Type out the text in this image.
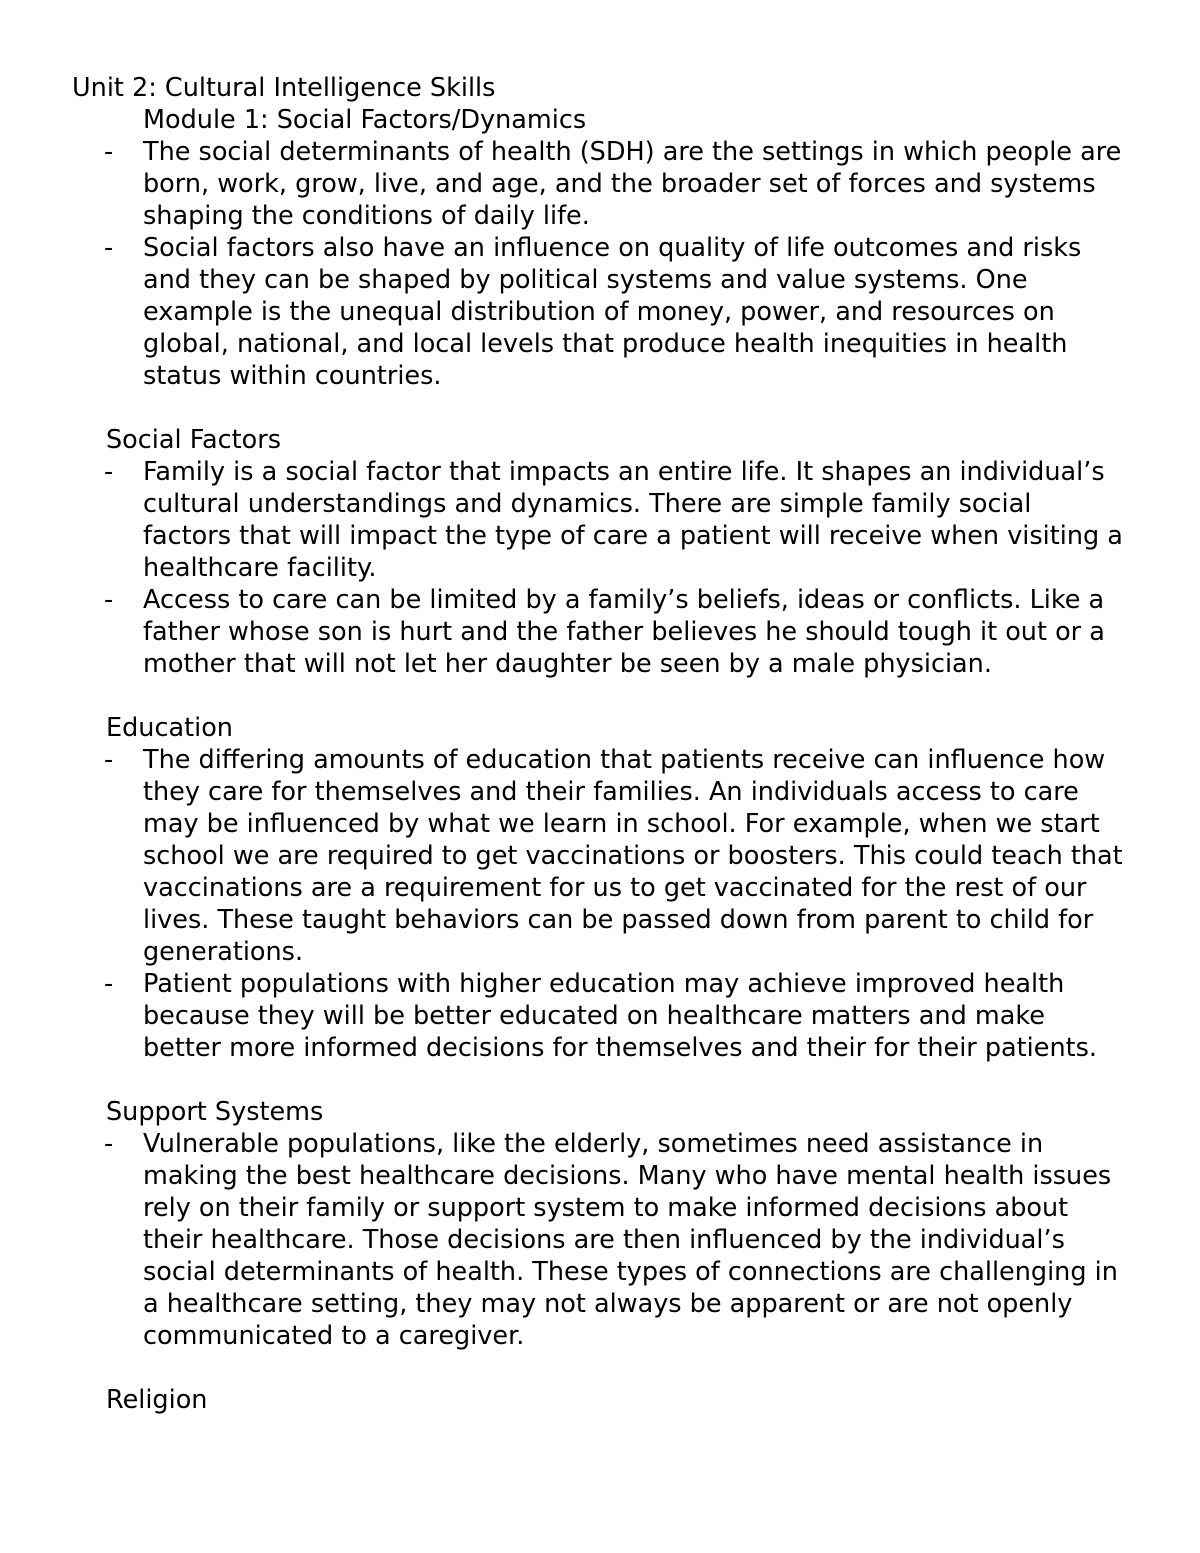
Unit 2: Cultural Intelligence Skills
Module 1: Social Factors/Dynamics
- The social determinants of health (SDH) are the settings in which people are born, work, grow, live, and age, and the broader set of forces and systems shaping the conditions of daily life.
- Social factors also have an influence on quality of life outcomes and risks and they can be shaped by political systems and value systems. One example is the unequal distribution of money, power, and resources on global, national, and local levels that produce health inequities in health status within countries.
Social Factors
- Family is a social factor that impacts an entire life. It shapes an individual’s cultural understandings and dynamics. There are simple family social factors that will impact the type of care a patient will receive when visiting a healthcare facility.
- Access to care can be limited by a family’s beliefs, ideas or conflicts. Like a father whose son is hurt and the father believes he should tough it out or a mother that will not let her daughter be seen by a male physician.
Education
- The differing amounts of education that patients receive can influence how they care for themselves and their families. An individuals access to care may be influenced by what we learn in school. For example, when we start school we are required to get vaccinations or boosters. This could teach that vaccinations are a requirement for us to get vaccinated for the rest of our lives. These taught behaviors can be passed down from parent to child for generations.
- Patient populations with higher education may achieve improved health because they will be better educated on healthcare matters and make better more informed decisions for themselves and their for their patients.
Support Systems
- Vulnerable populations, like the elderly, sometimes need assistance in making the best healthcare decisions. Many who have mental health issues rely on their family or support system to make informed decisions about their healthcare. Those decisions are then influenced by the individual’s social determinants of health. These types of connections are challenging in a healthcare setting, they may not always be apparent or are not openly communicated to a caregiver.
Religion
